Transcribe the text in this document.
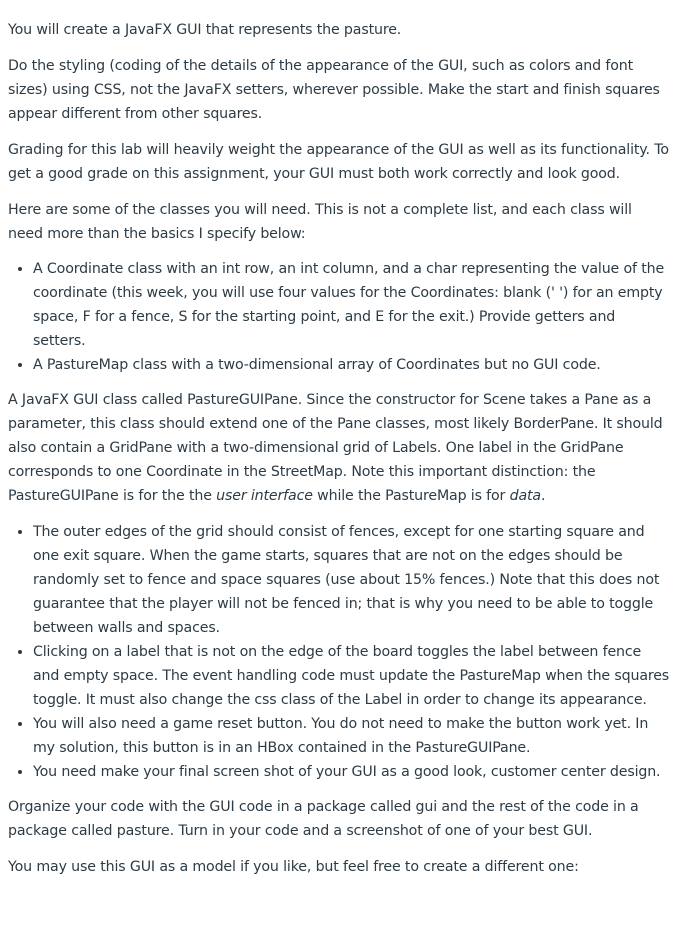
You will create a JavaFX GUI that represents the pasture.

Do the styling (coding of the details of the appearance of the GUI, such as colors and font sizes) using CSS, not the JavaFX setters, wherever possible. Make the start and finish squares appear different from other squares.

Grading for this lab will heavily weight the appearance of the GUI as well as its functionality. To get a good grade on this assignment, your GUI must both work correctly and look good.

Here are some of the classes you will need. This is not a complete list, and each class will need more than the basics I specify below:

• A Coordinate class with an int row, an int column, and a char representing the value of the coordinate (this week, you will use four values for the Coordinates: blank (' ') for an empty space, F for a fence, S for the starting point, and E for the exit.) Provide getters and setters.
• A PastureMap class with a two-dimensional array of Coordinates but no GUI code.

A JavaFX GUI class called PastureGUIPane. Since the constructor for Scene takes a Pane as a parameter, this class should extend one of the Pane classes, most likely BorderPane. It should also contain a GridPane with a two-dimensional grid of Labels. One label in the GridPane corresponds to one Coordinate in the StreetMap. Note this important distinction: the PastureGUIPane is for the the user interface while the PastureMap is for data.

• The outer edges of the grid should consist of fences, except for one starting square and one exit square. When the game starts, squares that are not on the edges should be randomly set to fence and space squares (use about 15% fences.) Note that this does not guarantee that the player will not be fenced in; that is why you need to be able to toggle between walls and spaces.
• Clicking on a label that is not on the edge of the board toggles the label between fence and empty space. The event handling code must update the PastureMap when the squares toggle. It must also change the css class of the Label in order to change its appearance.
• You will also need a game reset button. You do not need to make the button work yet. In my solution, this button is in an HBox contained in the PastureGUIPane.
• You need make your final screen shot of your GUI as a good look, customer center design.

Organize your code with the GUI code in a package called gui and the rest of the code in a package called pasture. Turn in your code and a screenshot of one of your best GUI.

You may use this GUI as a model if you like, but feel free to create a different one:
